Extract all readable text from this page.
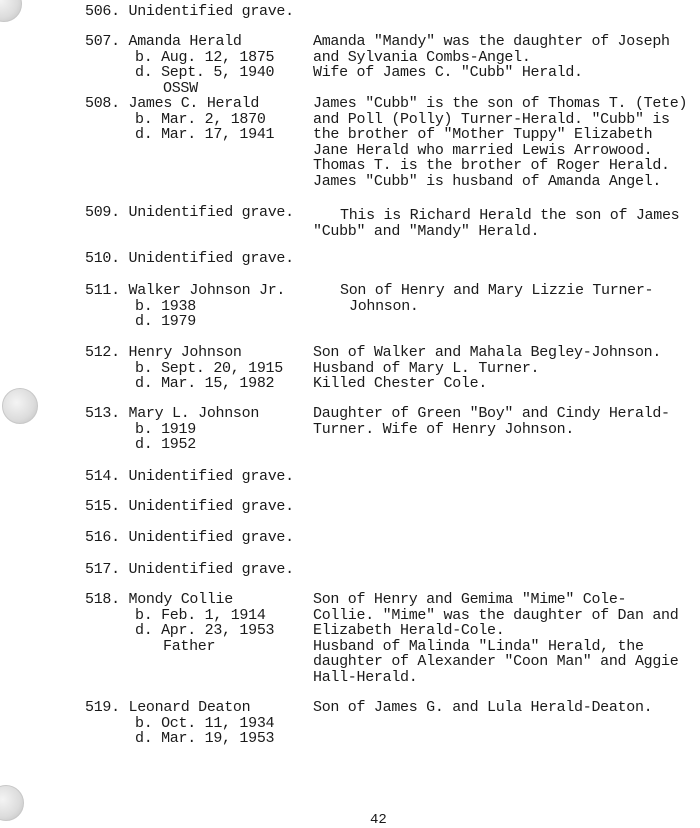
506. Unidentified grave.
507. Amanda Herald
b. Aug. 12, 1875
d. Sept. 5, 1940
OSSW
Amanda "Mandy" was the daughter of Joseph
and Sylvania Combs-Angel.
Wife of James C. "Cubb" Herald.
508. James C. Herald
b. Mar. 2, 1870
d. Mar. 17, 1941
James "Cubb" is the son of Thomas T. (Tete)
and Poll (Polly) Turner-Herald. "Cubb" is
the brother of "Mother Tuppy" Elizabeth
Jane Herald who married Lewis Arrowood.
Thomas T. is the brother of Roger Herald.
James "Cubb" is husband of Amanda Angel.
509. Unidentified grave.	This is Richard Herald the son of James
"Cubb" and "Mandy" Herald.
510. Unidentified grave.
511. Walker Johnson Jr.
b. 1938
d. 1979
Son of Henry and Mary Lizzie Turner-
Johnson.
512. Henry Johnson
b. Sept. 20, 1915
d. Mar. 15, 1982
Son of Walker and Mahala Begley-Johnson.
Husband of Mary L. Turner.
Killed Chester Cole.
513. Mary L. Johnson
b. 1919
d. 1952
Daughter of Green "Boy" and Cindy Herald-
Turner. Wife of Henry Johnson.
514. Unidentified grave.
515. Unidentified grave.
516. Unidentified grave.
517. Unidentified grave.
518. Mondy Collie
b. Feb. 1, 1914
d. Apr. 23, 1953
Father
Son of Henry and Gemima "Mime" Cole-
Collie. "Mime" was the daughter of Dan and
Elizabeth Herald-Cole.
Husband of Malinda "Linda" Herald, the
daughter of Alexander "Coon Man" and Aggie
Hall-Herald.
519. Leonard Deaton
b. Oct. 11, 1934
d. Mar. 19, 1953
Son of James G. and Lula Herald-Deaton.
42
